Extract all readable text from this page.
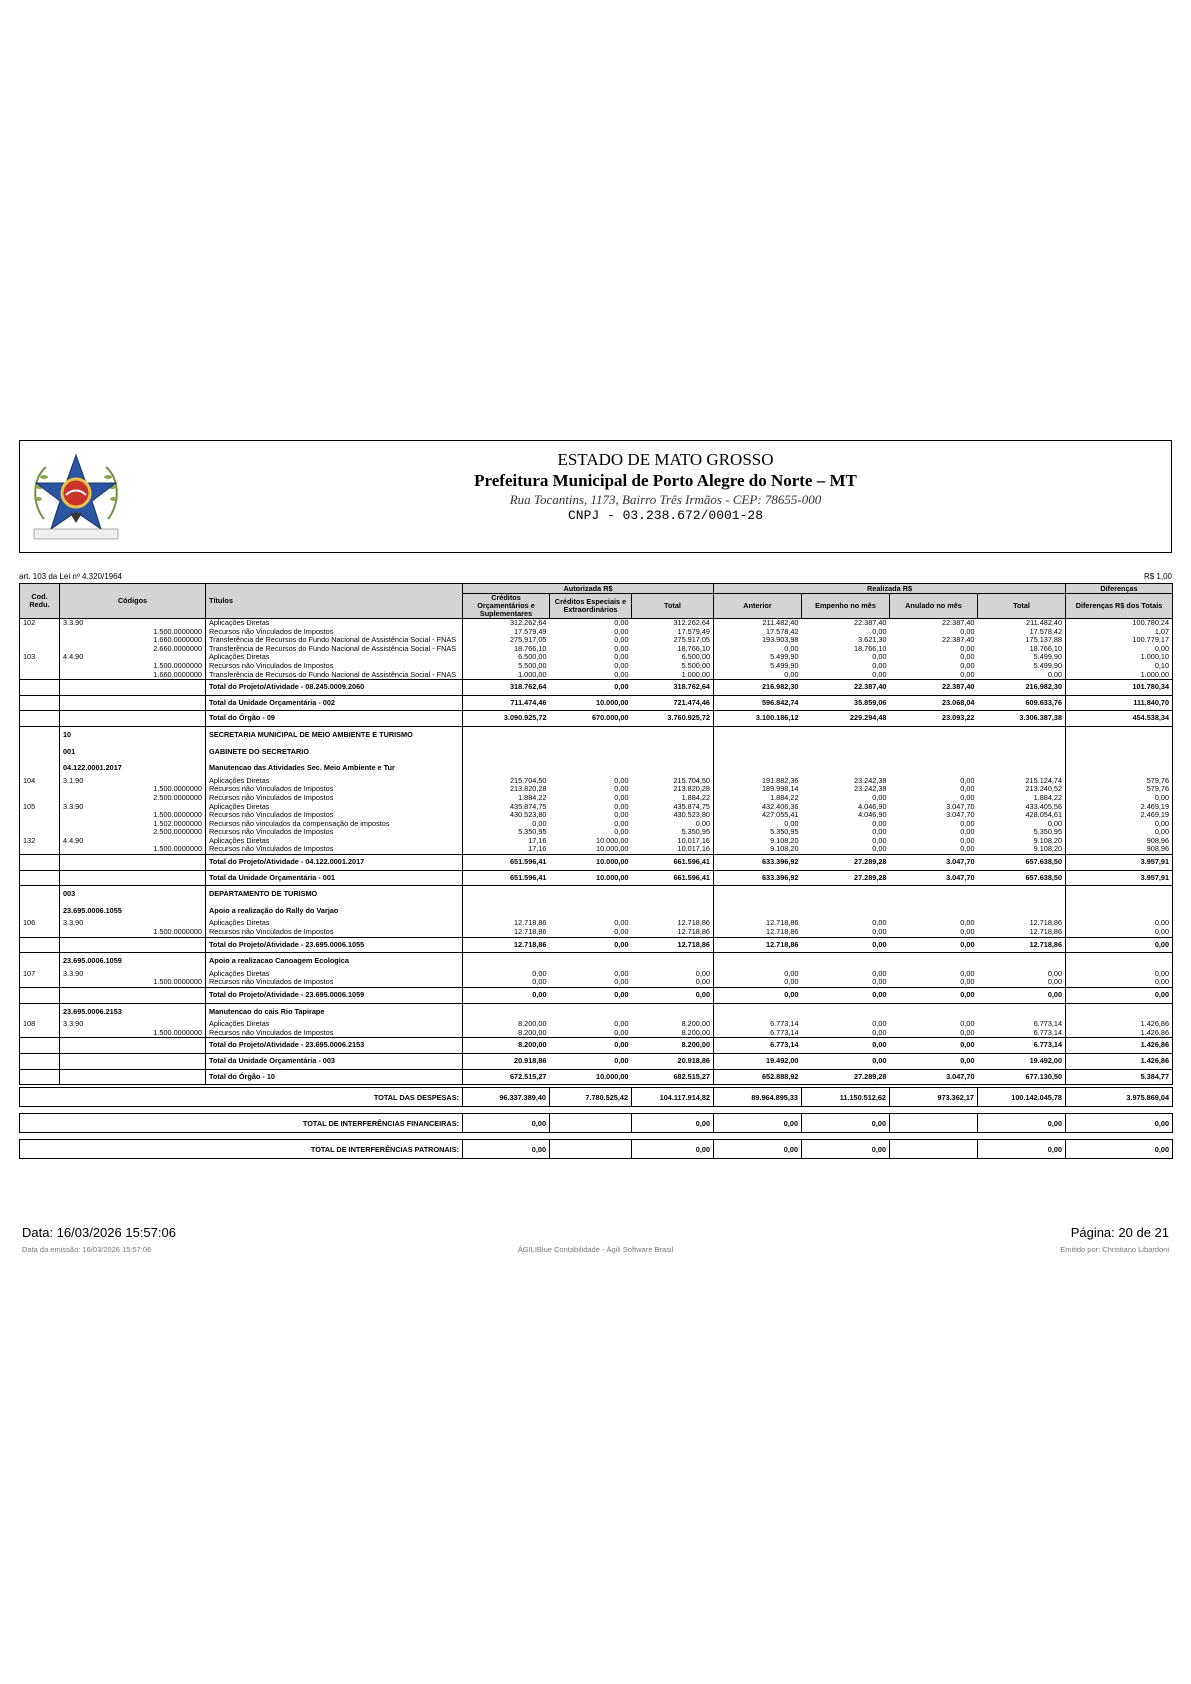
ESTADO DE MATO GROSSO
Prefeitura Municipal de Porto Alegre do Norte – MT
Rua Tocantins, 1173, Bairro Três Irmãos - CEP: 78655-000
CNPJ - 03.238.672/0001-28
art. 103 da Lei nº 4.320/1964	R$ 1,00
Cod. Redu.	Códigos	Títulos	Autorizada R$			Realizada R$				Diferenças
			Créditos Orçamentários e Suplementares	Créditos Especiais e Extraordinários	Total	Anterior	Empenho no mês	Anulado no mês	Total	Diferenças R$ dos Totais
102	3.3.90	Aplicações Diretas	312.262,64	0,00	312.262,64	211.482,40	22.387,40	22.387,40	211.482,40	100.780,24
	1.500.0000000	Recursos não Vinculados de Impostos	17.579,49	0,00	17.579,49	17.578,42	0,00	0,00	17.578,42	1,07
	1.660.0000000	Transferência de Recursos do Fundo Nacional de Assistência Social - FNAS	275.917,05	0,00	275.917,05	193.903,98	3.621,30	22.387,40	175.137,88	100.779,17
	2.660.0000000	Transferência de Recursos do Fundo Nacional de Assistência Social - FNAS	18.766,10	0,00	18.766,10	0,00	18.766,10	0,00	18.766,10	0,00
103	4.4.90	Aplicações Diretas	6.500,00	0,00	6.500,00	5.499,90	0,00	0,00	5.499,90	1.000,10
	1.500.0000000	Recursos não Vinculados de Impostos	5.500,00	0,00	5.500,00	5.499,90	0,00	0,00	5.499,90	0,10
	1.660.0000000	Transferência de Recursos do Fundo Nacional de Assistência Social - FNAS	1.000,00	0,00	1.000,00	0,00	0,00	0,00	0,00	1.000,00
		Total do Projeto/Atividade - 08.245.0009.2060	318.762,64	0,00	318.762,64	216.982,30	22.387,40	22.387,40	216.982,30	101.780,34
		Total da Unidade Orçamentária - 002	711.474,46	10.000,00	721.474,46	596.842,74	35.859,06	23.068,04	609.633,76	111.840,70
		Total do Órgão - 09	3.090.925,72	670.000,00	3.760.925,72	3.100.186,12	229.294,48	23.093,22	3.306.387,38	454.538,34
	10	SECRETARIA MUNICIPAL DE MEIO AMBIENTE E TURISMO								
	001	GABINETE DO SECRETARIO								
	04.122.0001.2017	Manutencao das Atividades Sec. Meio Ambiente e Tur								
104	3.1.90	Aplicações Diretas	215.704,50	0,00	215.704,50	191.882,36	23.242,38	0,00	215.124,74	579,76
	1.500.0000000	Recursos não Vinculados de Impostos	213.820,28	0,00	213.820,28	189.998,14	23.242,38	0,00	213.240,52	579,76
	2.500.0000000	Recursos não Vinculados de Impostos	1.884,22	0,00	1.884,22	1.884,22	0,00	0,00	1.884,22	0,00
105	3.3.90	Aplicações Diretas	435.874,75	0,00	435.874,75	432.406,36	4.046,90	3.047,70	433.405,56	2.469,19
	1.500.0000000	Recursos não Vinculados de Impostos	430.523,80	0,00	430.523,80	427.055,41	4.046,90	3.047,70	428.054,61	2.469,19
	1.502.0000000	Recursos não vinculados da compensação de impostos	0,00	0,00	0,00	0,00	0,00	0,00	0,00	0,00
	2.500.0000000	Recursos não Vinculados de Impostos	5.350,95	0,00	5.350,95	5.350,95	0,00	0,00	5.350,95	0,00
132	4.4.90	Aplicações Diretas	17,16	10.000,00	10.017,16	9.108,20	0,00	0,00	9.108,20	908,96
	1.500.0000000	Recursos não Vinculados de Impostos	17,16	10.000,00	10.017,16	9.108,20	0,00	0,00	9.108,20	908,96
		Total do Projeto/Atividade - 04.122.0001.2017	651.596,41	10.000,00	661.596,41	633.396,92	27.289,28	3.047,70	657.638,50	3.957,91
		Total da Unidade Orçamentária - 001	651.596,41	10.000,00	661.596,41	633.396,92	27.289,28	3.047,70	657.638,50	3.957,91
	003	DEPARTAMENTO DE TURISMO								
	23.695.0006.1055	Apoio a realização do Rally do Varjao								
106	3.3.90	Aplicações Diretas	12.718,86	0,00	12.718,86	12.718,86	0,00	0,00	12.718,86	0,00
	1.500.0000000	Recursos não Vinculados de Impostos	12.718,86	0,00	12.718,86	12.718,86	0,00	0,00	12.718,86	0,00
		Total do Projeto/Atividade - 23.695.0006.1055	12.718,86	0,00	12.718,86	12.718,86	0,00	0,00	12.718,86	0,00
	23.695.0006.1059	Apoio a realizacao Canoagem Ecologica								
107	3.3.90	Aplicações Diretas	0,00	0,00	0,00	0,00	0,00	0,00	0,00	0,00
	1.500.0000000	Recursos não Vinculados de Impostos	0,00	0,00	0,00	0,00	0,00	0,00	0,00	0,00
		Total do Projeto/Atividade - 23.695.0006.1059	0,00	0,00	0,00	0,00	0,00	0,00	0,00	0,00
	23.695.0006.2153	Manutencao do cais Rio Tapirape								
108	3.3.90	Aplicações Diretas	8.200,00	0,00	8.200,00	6.773,14	0,00	0,00	6.773,14	1.426,86
	1.500.0000000	Recursos não Vinculados de Impostos	8.200,00	0,00	8.200,00	6.773,14	0,00	0,00	6.773,14	1.426,86
		Total do Projeto/Atividade - 23.695.0006.2153	8.200,00	0,00	8.200,00	6.773,14	0,00	0,00	6.773,14	1.426,86
		Total da Unidade Orçamentária - 003	20.918,86	0,00	20.918,86	19.492,00	0,00	0,00	19.492,00	1.426,86
		Total do Órgão - 10	672.515,27	10.000,00	682.515,27	652.888,92	27.289,28	3.047,70	677.130,50	5.384,77
TOTAL DAS DESPESAS:	96.337.389,40	7.780.525,42	104.117.914,82	89.964.895,33	11.150.512,62	973.362,17	100.142.045,78	3.975.869,04

TOTAL DE INTERFERÊNCIAS FINANCEIRAS:	0,00		0,00	0,00	0,00		0,00	0,00

TOTAL DE INTERFERÊNCIAS PATRONAIS:	0,00		0,00	0,00	0,00		0,00	0,00
Data: 16/03/2026 15:57:06	Página: 20 de 21
Data da emissão: 16/03/2026 15:57:06	ÁGILIBlue Contabilidade - Ágili Software Brasil	Emitido por: Christiano Libardoni
